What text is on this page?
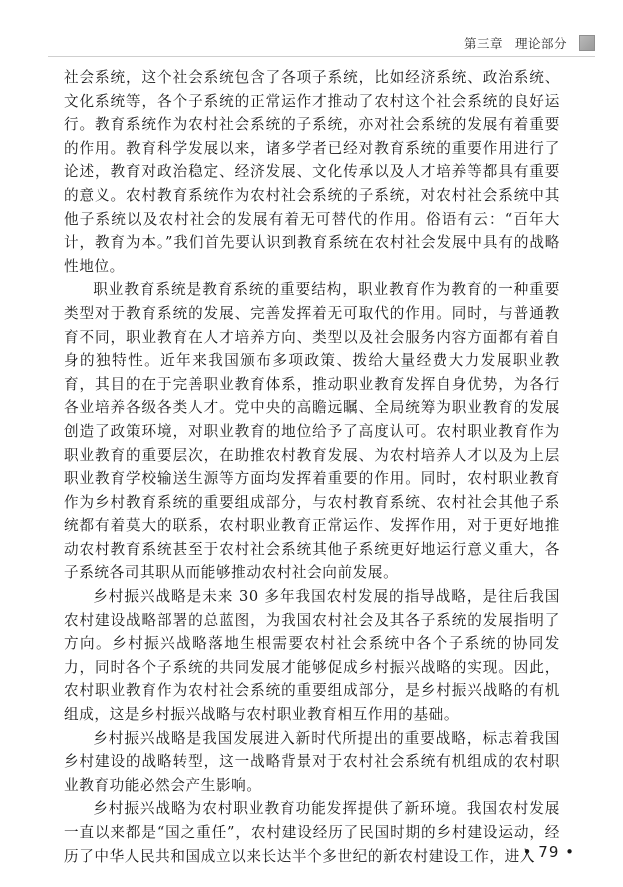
第三章 理论部分

社会系统，这个社会系统包含了各项子系统，比如经济系统、政治系统、文化系统等，各个子系统的正常运作才推动了农村这个社会系统的良好运行。教育系统作为农村社会系统的子系统，亦对社会系统的发展有着重要的作用。教育科学发展以来，诸多学者已经对教育系统的重要作用进行了论述，教育对政治稳定、经济发展、文化传承以及人才培养等都具有重要的意义。农村教育系统作为农村社会系统的子系统，对农村社会系统中其他子系统以及农村社会的发展有着无可替代的作用。俗语有云：“百年大计，教育为本。”我们首先要认识到教育系统在农村社会发展中具有的战略性地位。

职业教育系统是教育系统的重要结构，职业教育作为教育的一种重要类型对于教育系统的发展、完善发挥着无可取代的作用。同时，与普通教育不同，职业教育在人才培养方向、类型以及社会服务内容方面都有着自身的独特性。近年来我国颁布多项政策、拨给大量经费大力发展职业教育，其目的在于完善职业教育体系，推动职业教育发挥自身优势，为各行各业培养各级各类人才。党中央的高瞻远瞩、全局统筹为职业教育的发展创造了政策环境，对职业教育的地位给予了高度认可。农村职业教育作为职业教育的重要层次，在助推农村教育发展、为农村培养人才以及为上层职业教育学校输送生源等方面均发挥着重要的作用。同时，农村职业教育作为乡村教育系统的重要组成部分，与农村教育系统、农村社会其他子系统都有着莫大的联系，农村职业教育正常运作、发挥作用，对于更好地推动农村教育系统甚至于农村社会系统其他子系统更好地运行意义重大，各子系统各司其职从而能够推动农村社会向前发展。

乡村振兴战略是未来 30 多年我国农村发展的指导战略，是往后我国农村建设战略部署的总蓝图，为我国农村社会及其各子系统的发展指明了方向。乡村振兴战略落地生根需要农村社会系统中各个子系统的协同发力，同时各个子系统的共同发展才能够促成乡村振兴战略的实现。因此，农村职业教育作为农村社会系统的重要组成部分，是乡村振兴战略的有机组成，这是乡村振兴战略与农村职业教育相互作用的基础。

乡村振兴战略是我国发展进入新时代所提出的重要战略，标志着我国乡村建设的战略转型，这一战略背景对于农村社会系统有机组成的农村职业教育功能必然会产生影响。

乡村振兴战略为农村职业教育功能发挥提供了新环境。我国农村发展一直以来都是“国之重任”，农村建设经历了民国时期的乡村建设运动，经历了中华人民共和国成立以来长达半个多世纪的新农村建设工作，进入

• 79 •
